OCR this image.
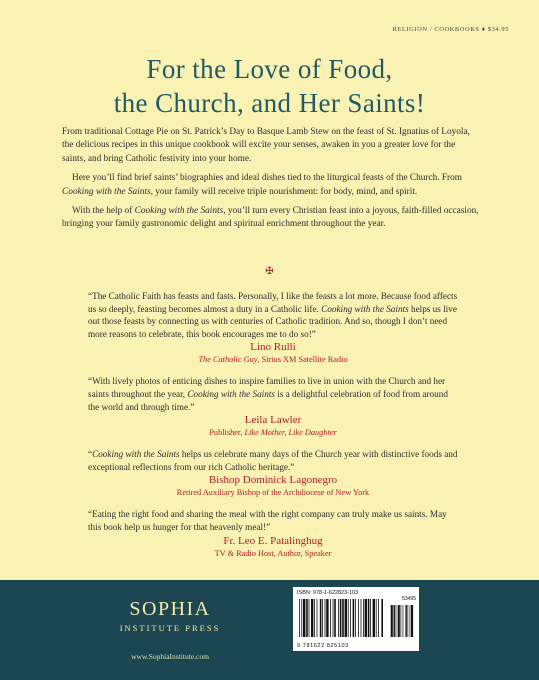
RELIGION / COOKBOOKS ♦ $34.95
For the Love of Food,
the Church, and Her Saints!

From traditional Cottage Pie on St. Patrick’s Day to Basque Lamb Stew on the feast of St. Ignatius of Loyola, the delicious recipes in this unique cookbook will excite your senses, awaken in you a greater love for the saints, and bring Catholic festivity into your home.

Here you’ll find brief saints’ biographies and ideal dishes tied to the liturgical feasts of the Church. From Cooking with the Saints, your family will receive triple nourishment: for body, mind, and spirit.

With the help of Cooking with the Saints, you’ll turn every Christian feast into a joyous, faith-filled occasion, bringing your family gastronomic delight and spiritual enrichment throughout the year.

✠
“The Catholic Faith has feasts and fasts. Personally, I like the feasts a lot more. Because food affects us so deeply, feasting becomes almost a duty in a Catholic life. Cooking with the Saints helps us live out those feasts by connecting us with centuries of Catholic tradition. And so, though I don’t need more reasons to celebrate, this book encourages me to do so!”
Lino Rulli
The Catholic Guy, Sirius XM Satellite Radio
“With lively photos of enticing dishes to inspire families to live in union with the Church and her saints throughout the year, Cooking with the Saints is a delightful celebration of food from around the world and through time.”
Leila Lawler
Publisher, Like Mother, Like Daughter
“Cooking with the Saints helps us celebrate many days of the Church year with distinctive foods and exceptional reflections from our rich Catholic heritage.”
Bishop Dominick Lagonegro
Retired Auxiliary Bishop of the Archdiocese of New York
“Eating the right food and sharing the meal with the right company can truly make us saints. May this book help us hunger for that heavenly meal!”
Fr. Leo E. Patalinghug
TV & Radio Host, Author, Speaker
SOPHIA
INSTITUTE PRESS
www.SophiaInstitute.com
ISBN: 978-1-622823-103
53495
9 781622 825103
